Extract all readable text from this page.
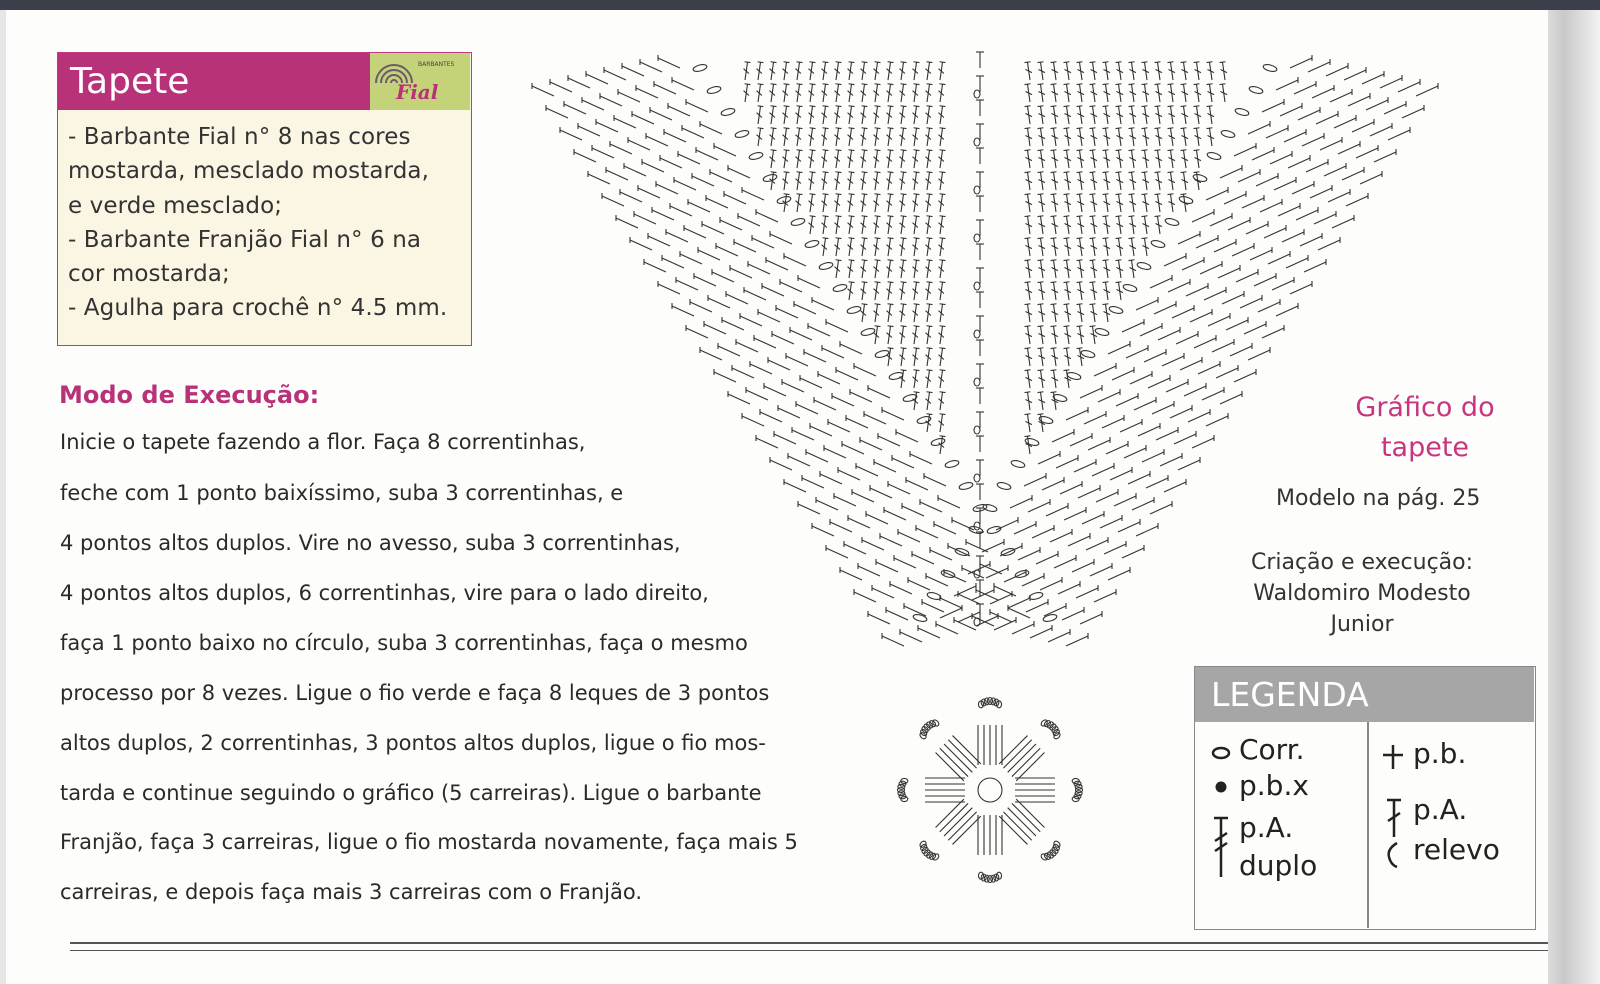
Tapete	BARBANTES
Fial
- Barbante Fial n° 8 nas cores
mostarda, mesclado mostarda,
e verde mesclado;
- Barbante Franjão Fial n° 6 na
cor mostarda;
- Agulha para crochê n° 4.5 mm.
Modo de Execução:
Inicie o tapete fazendo a flor. Faça 8 correntinhas,
feche com 1 ponto baixíssimo, suba 3 correntinhas, e
4 pontos altos duplos. Vire no avesso, suba 3 correntinhas,
4 pontos altos duplos, 6 correntinhas, vire para o lado direito,
faça 1 ponto baixo no círculo, suba 3 correntinhas, faça o mesmo
processo por 8 vezes. Ligue o fio verde e faça 8 leques de 3 pontos
altos duplos, 2 correntinhas, 3 pontos altos duplos, ligue o fio mos-
tarda e continue seguindo o gráfico (5 carreiras). Ligue o barbante
Franjão, faça 3 carreiras, ligue o fio mostarda novamente, faça mais 5
carreiras, e depois faça mais 3 carreiras com o Franjão.
Gráfico do
tapete
Modelo na pág. 25
Criação e execução:
Waldomiro Modesto
Junior
LEGENDA
Corr.
p.b.x
p.A.
duplo
p.b.
p.A.
relevo
